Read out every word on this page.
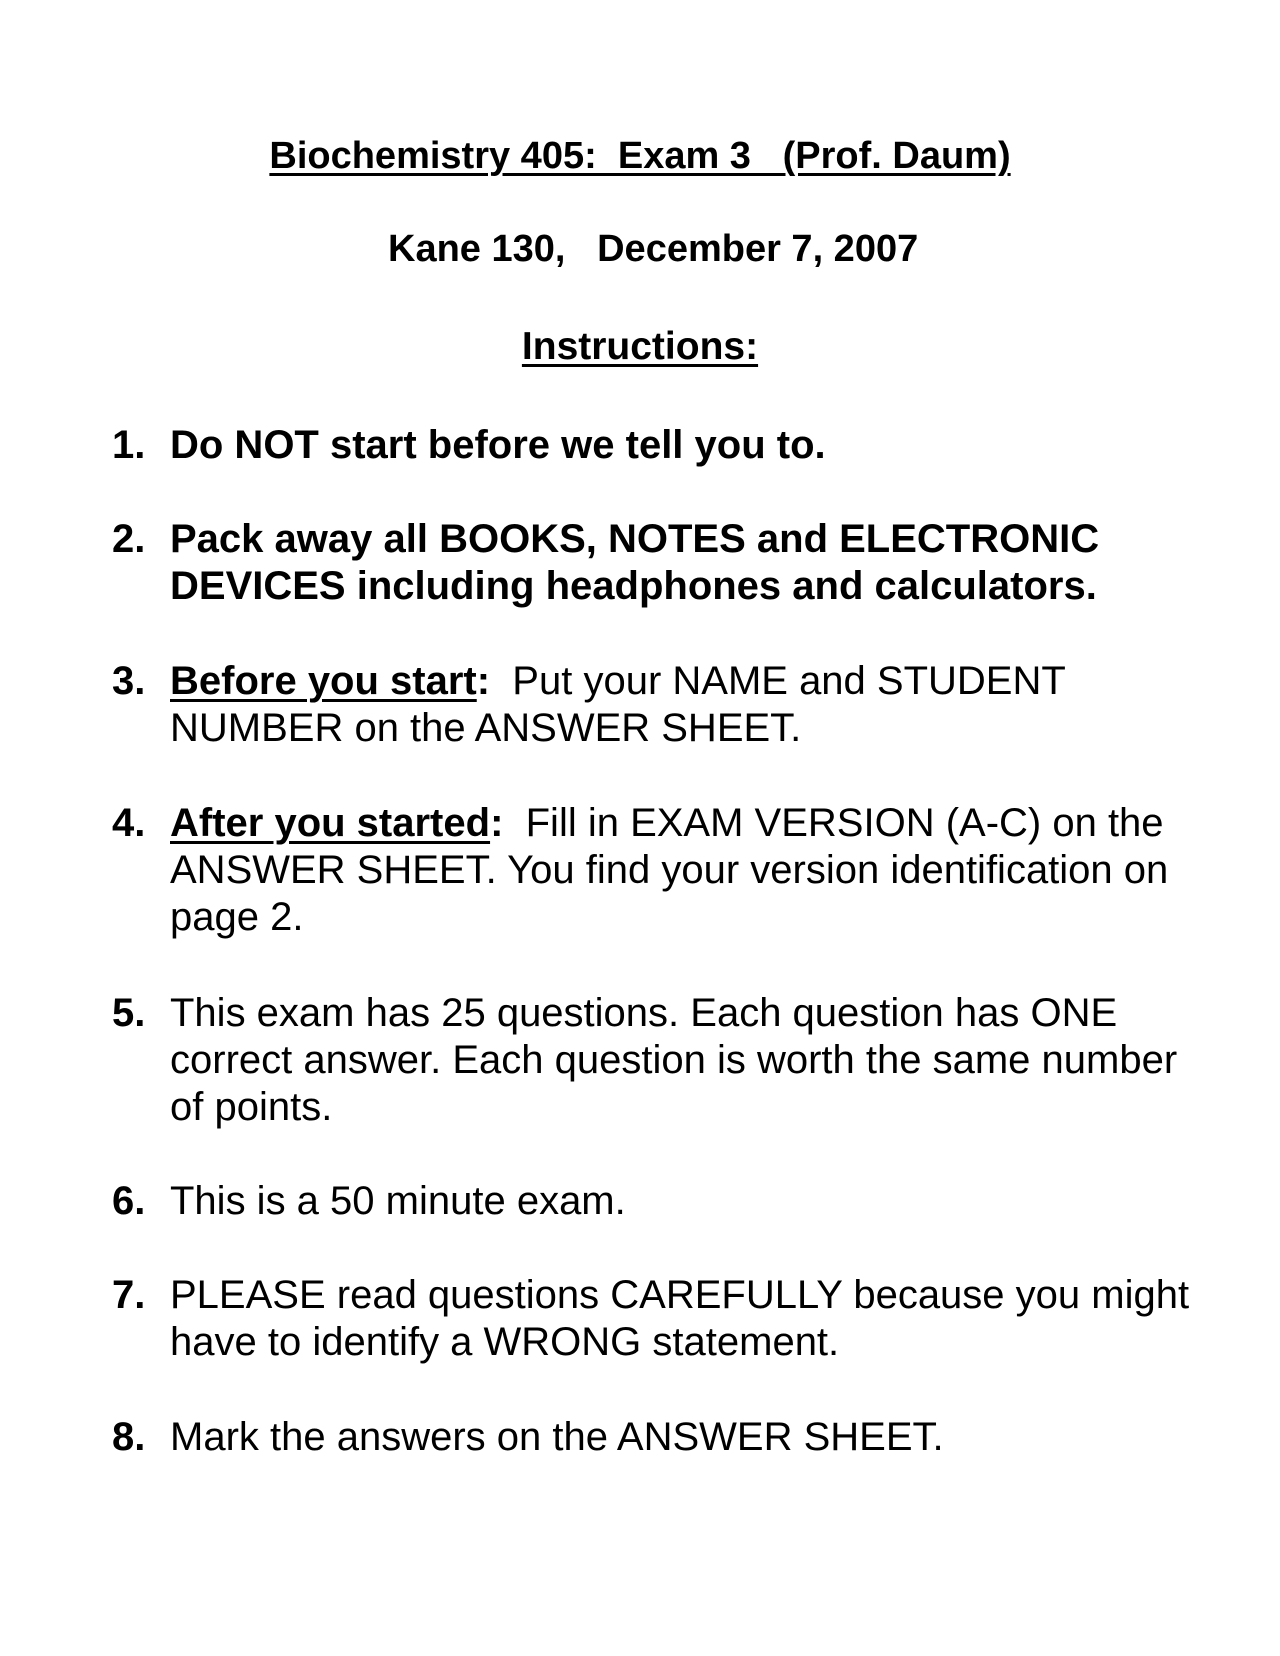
Biochemistry 405:  Exam 3   (Prof. Daum)

Kane 130,   December 7, 2007

Instructions:
1. Do NOT start before we tell you to.
2. Pack away all BOOKS, NOTES and ELECTRONIC DEVICES including headphones and calculators.
3. Before you start:  Put your NAME and STUDENT NUMBER on the ANSWER SHEET.
4. After you started:  Fill in EXAM VERSION (A-C) on the ANSWER SHEET. You find your version identification on page 2.
5. This exam has 25 questions. Each question has ONE correct answer. Each question is worth the same number of points.
6. This is a 50 minute exam.
7. PLEASE read questions CAREFULLY because you might have to identify a WRONG statement.
8. Mark the answers on the ANSWER SHEET.
